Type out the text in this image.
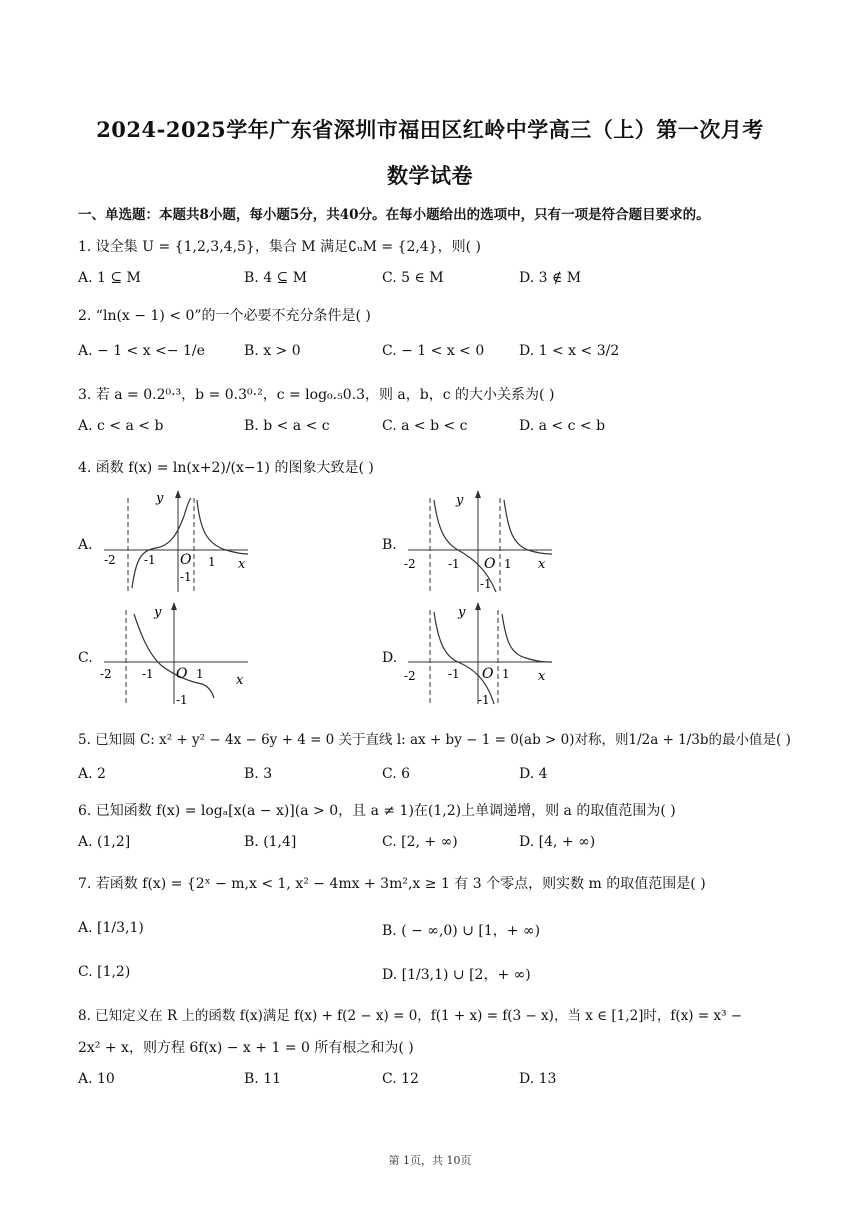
2024-2025学年广东省深圳市福田区红岭中学高三（上）第一次月考
数学试卷
一、单选题：本题共8小题，每小题5分，共40分。在每小题给出的选项中，只有一项是符合题目要求的。
1. 设全集 U = {1,2,3,4,5}，集合 M 满足∁ᵤM = {2,4}，则( )
A. 1 ⊆ M	B. 4 ⊆ M	C. 5 ∈ M	D. 3 ∉ M
2. “ln(x − 1) < 0”的一个必要不充分条件是( )
A. − 1 < x <− 1/e	B. x > 0	C. − 1 < x < 0 D. 1 < x < 3/2
3. 若 a = 0.2⁰·³，b = 0.3⁰·²，c = log₀.₅0.3，则 a，b，c 的大小关系为( )
A. c < a < b	B. b < a < c	C. a < b < c	D. a < c < b
4. 函数 f(x) = ln(x+2)/(x−1) 的图象大致是( )
A.	B.
C.	D.
-2 -1 O
-1
1 x
y
-2	-1 O
-1
1 x
y
-2	-1 O
-1
1 x
y
-2	-1 O
-1
1 x
y
5. 已知圆 C: x² + y² − 4x − 6y + 4 = 0 关于直线 l: ax + by − 1 = 0(ab > 0)对称，则1/2a + 1/3b的最小值是( )
A. 2	B. 3	C. 6	D. 4
6. 已知函数 f(x) = logₐ[x(a − x)](a > 0，且 a ≠ 1)在(1,2)上单调递增，则 a 的取值范围为( )
A. (1,2]	B. (1,4]	C. [2, + ∞)	D. [4, + ∞)
7. 若函数 f(x) = {2ˣ − m,x < 1, x² − 4mx + 3m²,x ≥ 1 有 3 个零点，则实数 m 的取值范围是( )
A. [1/3,1)	B. ( − ∞,0) ∪ [1，+ ∞)
C. [1,2)	D. [1/3,1) ∪ [2，+ ∞)
8. 已知定义在 R 上的函数 f(x)满足 f(x) + f(2 − x) = 0，f(1 + x) = f(3 − x)，当 x ∈ [1,2]时，f(x) = x³ −
2x² + x，则方程 6f(x) − x + 1 = 0 所有根之和为( )
A. 10	B. 11	C. 12	D. 13
第 1页，共 10页
